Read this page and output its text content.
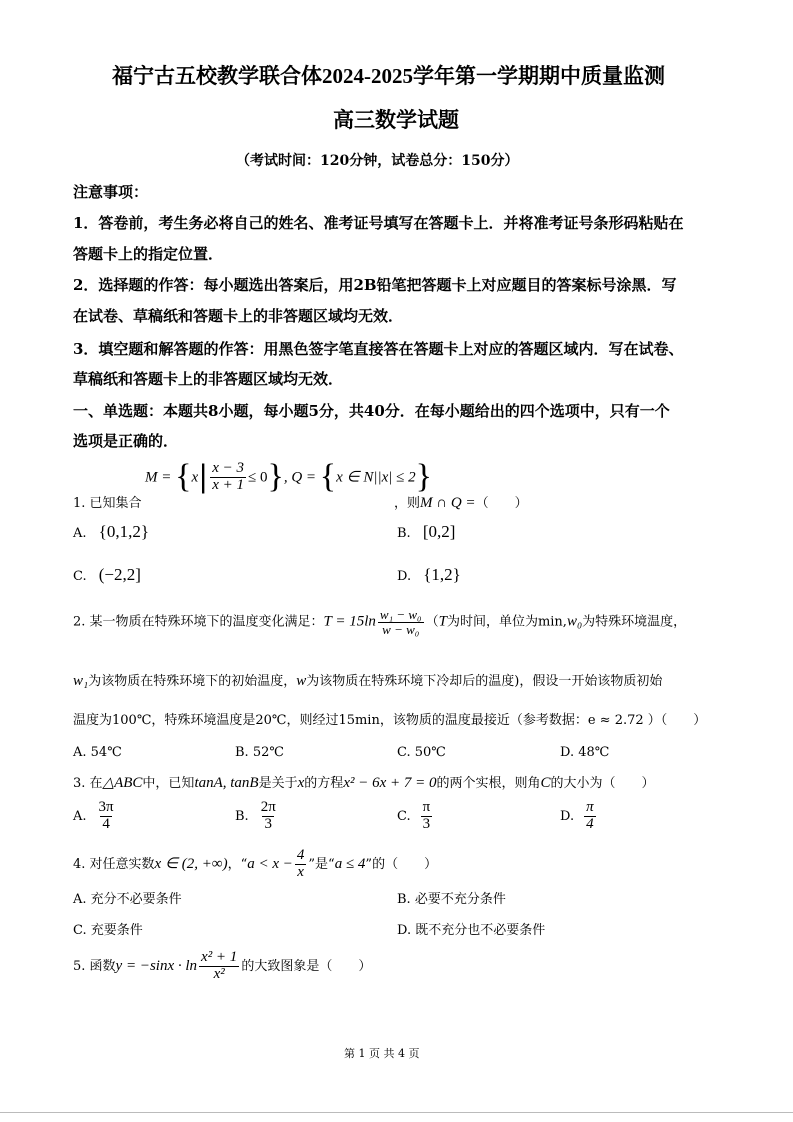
福宁古五校教学联合体2024-2025学年第一学期期中质量监测
高三数学试题
（考试时间：120分钟，试卷总分：150分）
注意事项：
1．答卷前，考生务必将自己的姓名、准考证号填写在答题卡上．并将准考证号条形码粘贴在
答题卡上的指定位置．
2．选择题的作答：每小题选出答案后，用2B铅笔把答题卡上对应题目的答案标号涂黑．写
在试卷、草稿纸和答题卡上的非答题区域均无效．
3．填空题和解答题的作答：用黑色签字笔直接答在答题卡上对应的答题区域内．写在试卷、
草稿纸和答题卡上的非答题区域均无效．
一、单选题：本题共8小题，每小题5分，共40分．在每小题给出的四个选项中，只有一个
选项是正确的．
$M = \{x| \frac{x - 3}{x + 1} \le 0\}$, Q = {x ∈ N||x| ≤ 2}
1. 已知集合	，则M ∩ Q =（　　）
A. {0,1,2}	B. [0,2]
C. (−2,2]	D. {1,2}
2. 某一物质在特殊环境下的温度变化满足：$T = 15\ln \frac{\text{w₁ − w₀}}{\text{w − w₀}} (T$为时间，单位为min,w₀为特殊环境温度，
w₁为该物质在特殊环境下的初始温度，w为该物质在特殊环境下冷却后的温度)，假设一开始该物质初始
温度为100℃，特殊环境温度是20℃，则经过15min，该物质的温度最接近（参考数据：e ≈ 2.72 ）（　　）
A. 54℃	B. 52℃	C. 50℃	D. 48℃
3. 在△ABC中，已知tanA, tanB是关于x的方程x² − 6x + 7 = 0的两个实根，则角C的大小为（　　）
A. $\frac{3\pi}{4}$	B. $\frac{2\pi}{3}$	C. $\frac{\pi}{3}$	D. $\frac{\pi}{4}$
4. 对任意实数x ∈ (2, +∞)，“$a < x - \frac{4}{x}$ ”是“a ≤ 4”的（　　）
A. 充分不必要条件	B. 必要不充分条件
C. 充要条件	D. 既不充分也不必要条件
5. 函数$y = -\sin x \cdot \ln \frac{\text{x² + 1}}{\text{x²}}$ 的大致图象是（　　）
第 1 页 共 4 页
